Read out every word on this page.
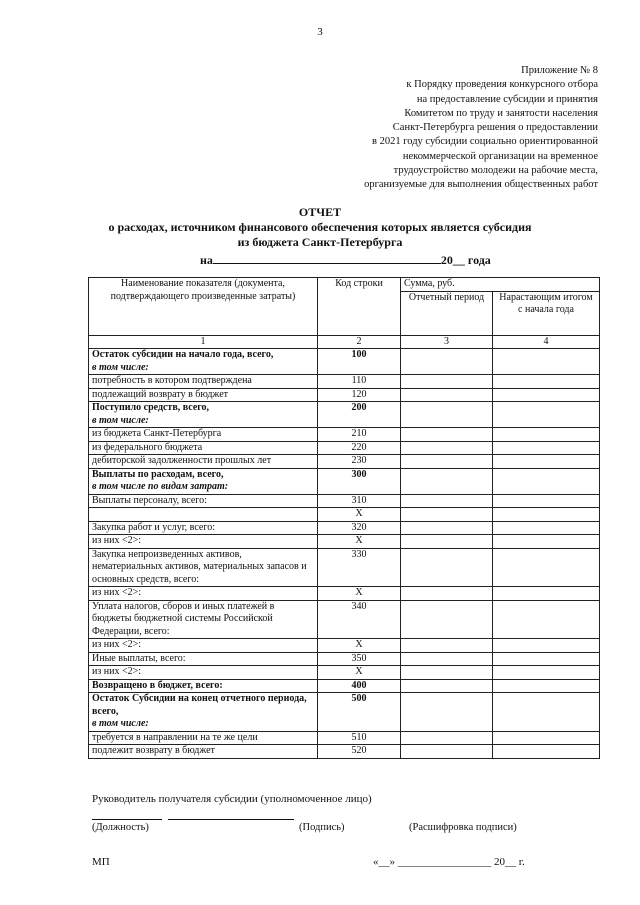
3
Приложение № 8
к Порядку проведения конкурсного отбора
на предоставление субсидии и принятия
Комитетом по труду и занятости населения
Санкт-Петербурга решения о предоставлении
в 2021 году субсидии социально ориентированной
некоммерческой организации на временное
трудоустройство молодежи на рабочие места,
организуемые для выполнения общественных работ
ОТЧЕТ
о расходах, источником финансового обеспечения которых является субсидия
из бюджета Санкт-Петербурга
на	20__ года
Наименование показателя (документа, подтверждающего произведенные затраты)	Код строки	Сумма, руб.	
		Отчетный период	Нарастающим итогом с начала года
1	2	3	4
Остаток субсидии на начало года, всего,
в том числе:	100		
потребность в котором подтверждена	110		
подлежащий возврату в бюджет	120		
Поступило средств, всего,
в том числе:	200		
из бюджета Санкт-Петербурга	210		
из федерального бюджета	220		
дебиторской задолженности прошлых лет	230		
Выплаты по расходам, всего,
в том числе по видам затрат:	300		
Выплаты персоналу, всего:	310		
	X		
Закупка работ и услуг, всего:	320		
из них <2>:	X		
Закупка непроизведенных активов, нематериальных активов, материальных запасов и основных средств, всего:	330		
из них <2>:	X		
Уплата налогов, сборов и иных платежей в бюджеты бюджетной системы Российской Федерации, всего:	340		
из них <2>:	X		
Иные выплаты, всего:	350		
из них <2>:	X		
Возвращено в бюджет, всего:	400		
Остаток Субсидии на конец отчетного периода, всего,
в том числе:	500		
требуется в направлении на те же цели	510		
подлежит возврату в бюджет	520		
Руководитель получателя субсидии (уполномоченное лицо)
(Должность)	(Подпись)	(Расшифровка подписи)
МП	«__» _________________ 20__ г.
